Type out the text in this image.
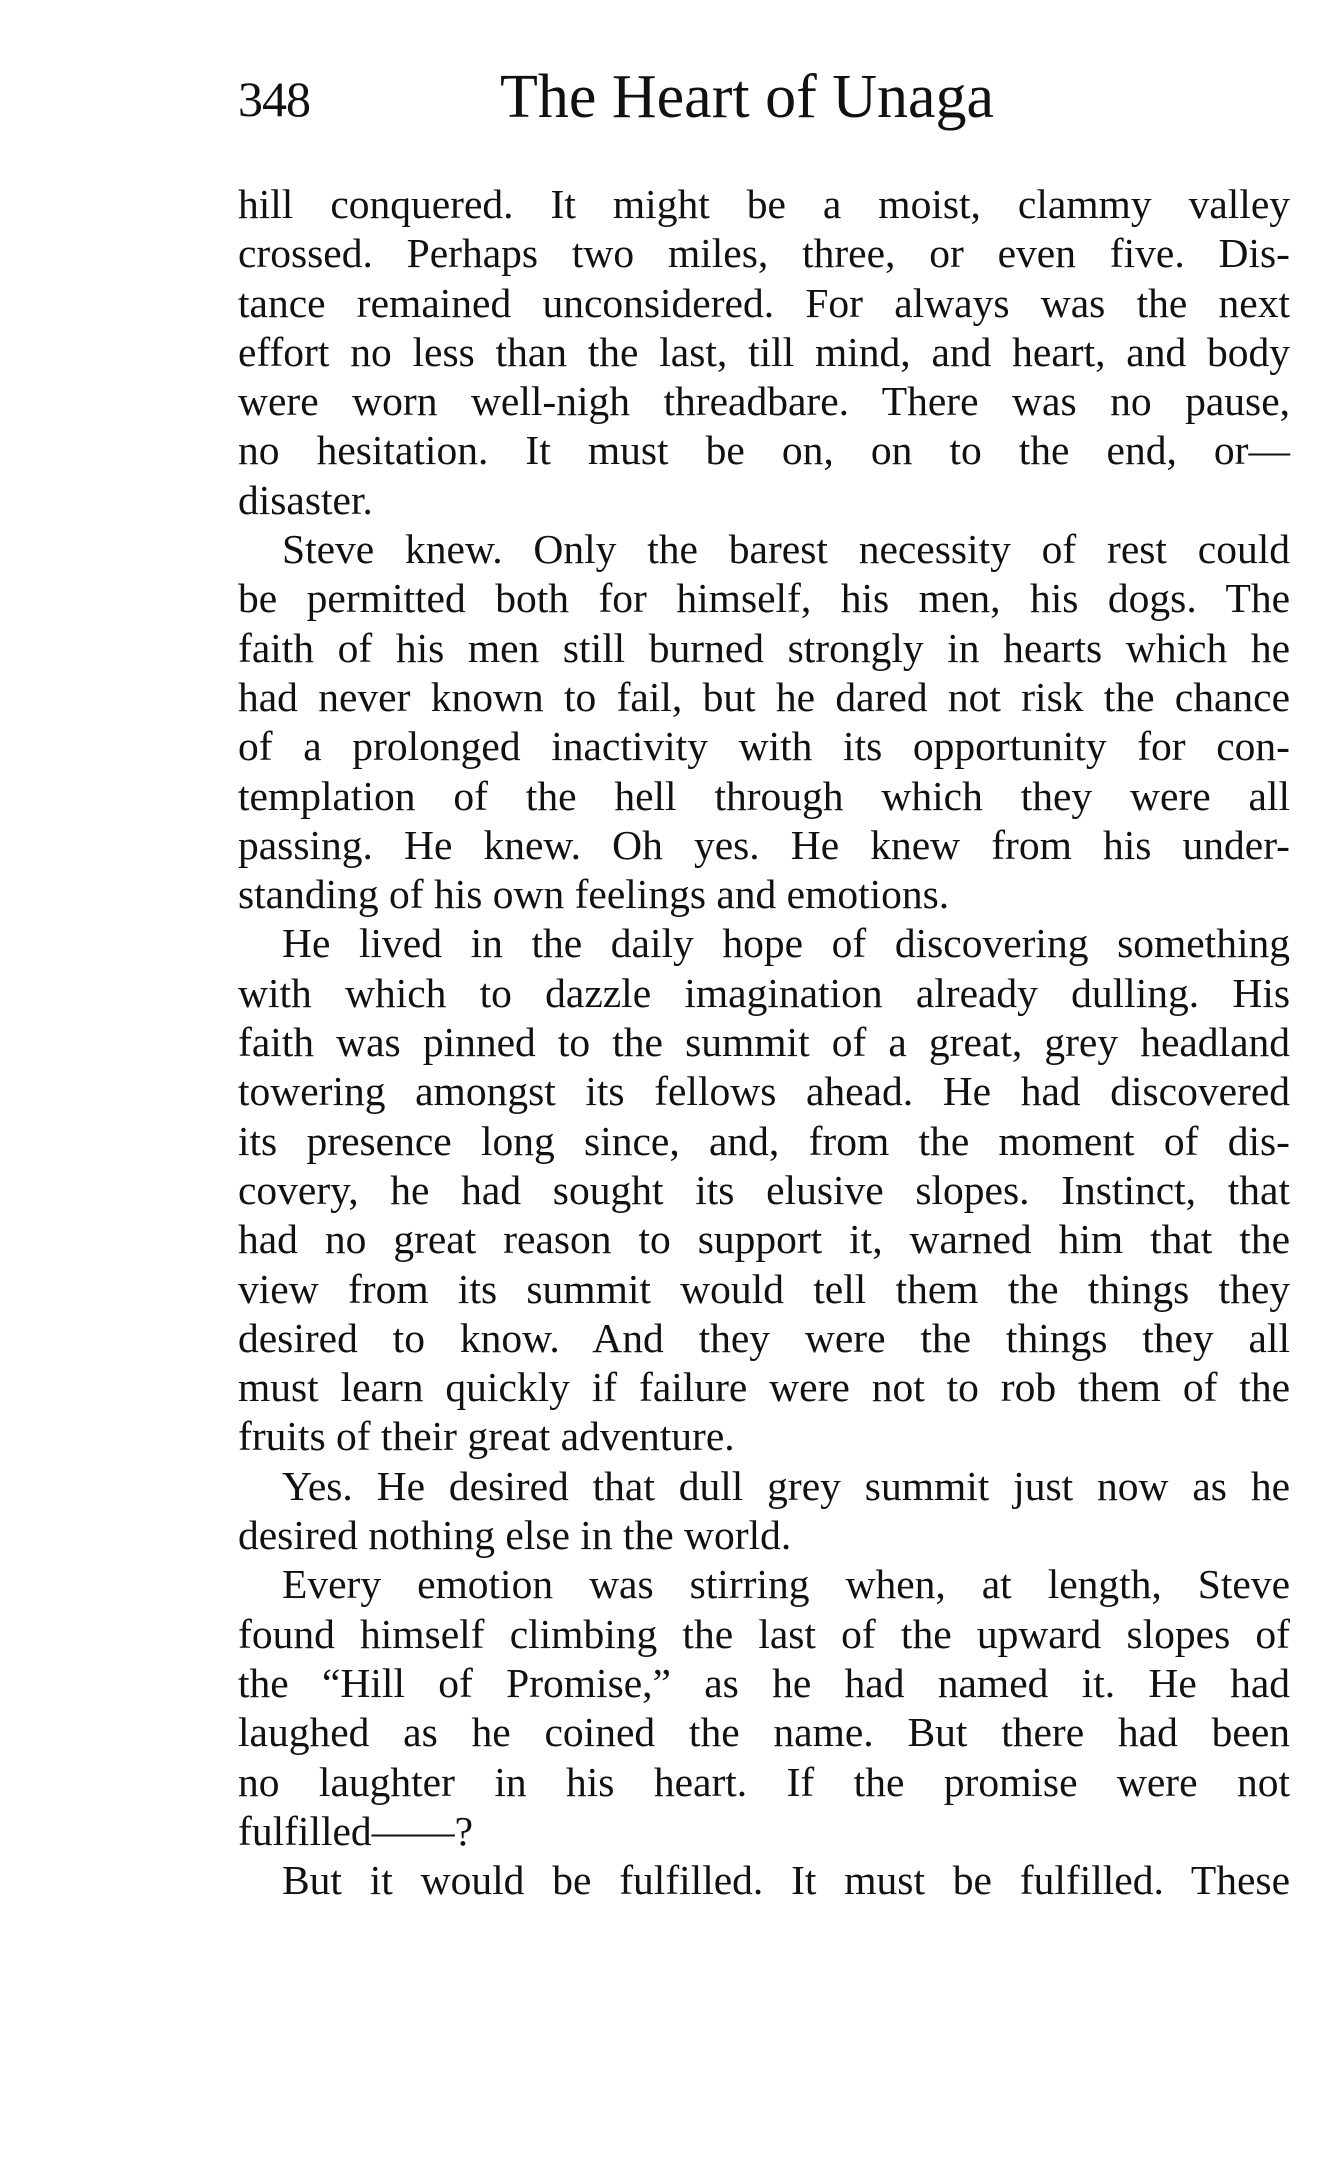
348	The Heart of Unaga
hill conquered. It might be a moist, clammy valley
crossed. Perhaps two miles, three, or even five. Dis-
tance remained unconsidered. For always was the next
effort no less than the last, till mind, and heart, and body
were worn well-nigh threadbare. There was no pause,
no hesitation. It must be on, on to the end, or—
disaster.
Steve knew. Only the barest necessity of rest could
be permitted both for himself, his men, his dogs. The
faith of his men still burned strongly in hearts which he
had never known to fail, but he dared not risk the chance
of a prolonged inactivity with its opportunity for con-
templation of the hell through which they were all
passing. He knew. Oh yes. He knew from his under-
standing of his own feelings and emotions.
He lived in the daily hope of discovering something
with which to dazzle imagination already dulling. His
faith was pinned to the summit of a great, grey headland
towering amongst its fellows ahead. He had discovered
its presence long since, and, from the moment of dis-
covery, he had sought its elusive slopes. Instinct, that
had no great reason to support it, warned him that the
view from its summit would tell them the things they
desired to know. And they were the things they all
must learn quickly if failure were not to rob them of the
fruits of their great adventure.
Yes. He desired that dull grey summit just now as he
desired nothing else in the world.
Every emotion was stirring when, at length, Steve
found himself climbing the last of the upward slopes of
the “Hill of Promise,” as he had named it. He had
laughed as he coined the name. But there had been
no laughter in his heart. If the promise were not
fulfilled——?
But it would be fulfilled. It must be fulfilled. These
